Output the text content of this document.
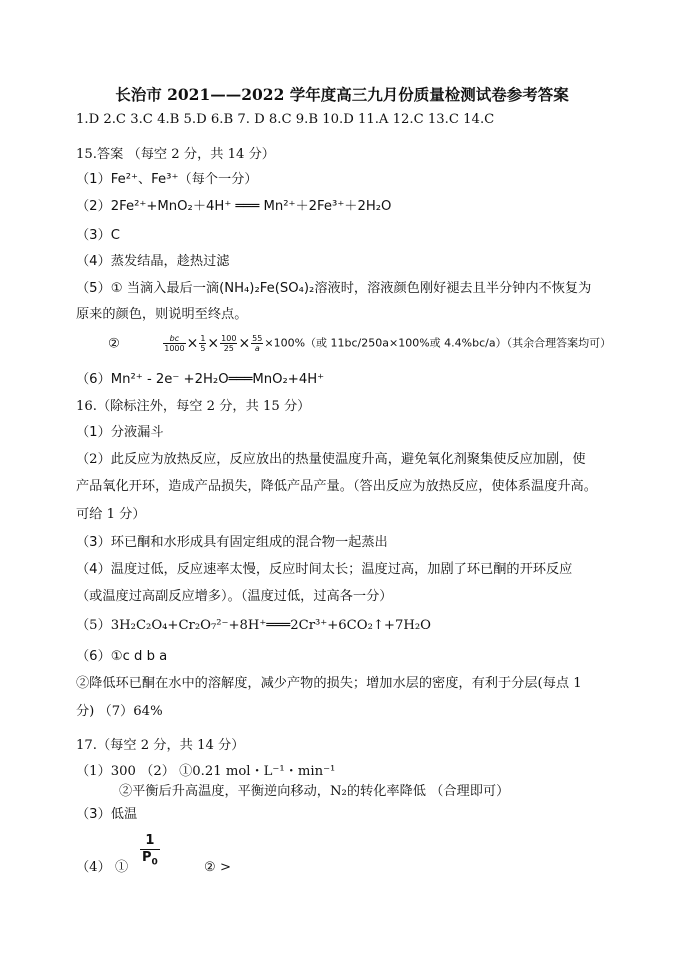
长治市 2021——2022 学年度高三九月份质量检测试卷参考答案
1.D 2.C 3.C 4.B 5.D 6.B 7. D 8.C 9.B 10.D 11.A 12.C 13.C 14.C
15.答案 （每空 2 分，共 14 分）
（1）Fe²⁺、Fe³⁺（每个一分）
（2）2Fe²⁺+MnO₂＋4H⁺ ═══ Mn²⁺＋2Fe³⁺＋2H₂O
（3）C
（4）蒸发结晶，趁热过滤
（5）① 当滴入最后一滴(NH₄)₂Fe(SO₄)₂溶液时，溶液颜色刚好褪去且半分钟内不恢复为
原来的颜色，则说明至终点。
②	$\frac{bc}{1000} \times \frac{1}{5} \times \frac{100}{25} \times \frac{55}{a} \times 100\%$（或 11bc/250a×100%或 4.4%bc/a）（其余合理答案均可）
（6）Mn²⁺ - 2e⁻ +2H₂O═══MnO₂+4H⁺
16.（除标注外，每空 2 分，共 15 分）
（1）分液漏斗
（2）此反应为放热反应，反应放出的热量使温度升高，避免氧化剂聚集使反应加剧，使
产品氧化开环，造成产品损失，降低产品产量。（答出反应为放热反应，使体系温度升高。
可给 1 分）
（3）环已酮和水形成具有固定组成的混合物一起蒸出
（4）温度过低，反应速率太慢，反应时间太长；温度过高，加剧了环已酮的开环反应
（或温度过高副反应增多）。（温度过低，过高各一分）
（5）3H₂C₂O₄+Cr₂O₇²⁻+8H⁺═══2Cr³⁺+6CO₂↑+7H₂O
（6）①c d b a
②降低环已酮在水中的溶解度，减少产物的损失；增加水层的密度，有利于分层(每点 1
分) （7）64%
17.（每空 2 分，共 14 分）
（1）300 （2） ①0.21 mol・L⁻¹・min⁻¹
②平衡后升高温度，平衡逆向移动，N₂的转化率降低 （合理即可）
（3）低温
（4） ①
$\frac{1}{P_0}$
② >
